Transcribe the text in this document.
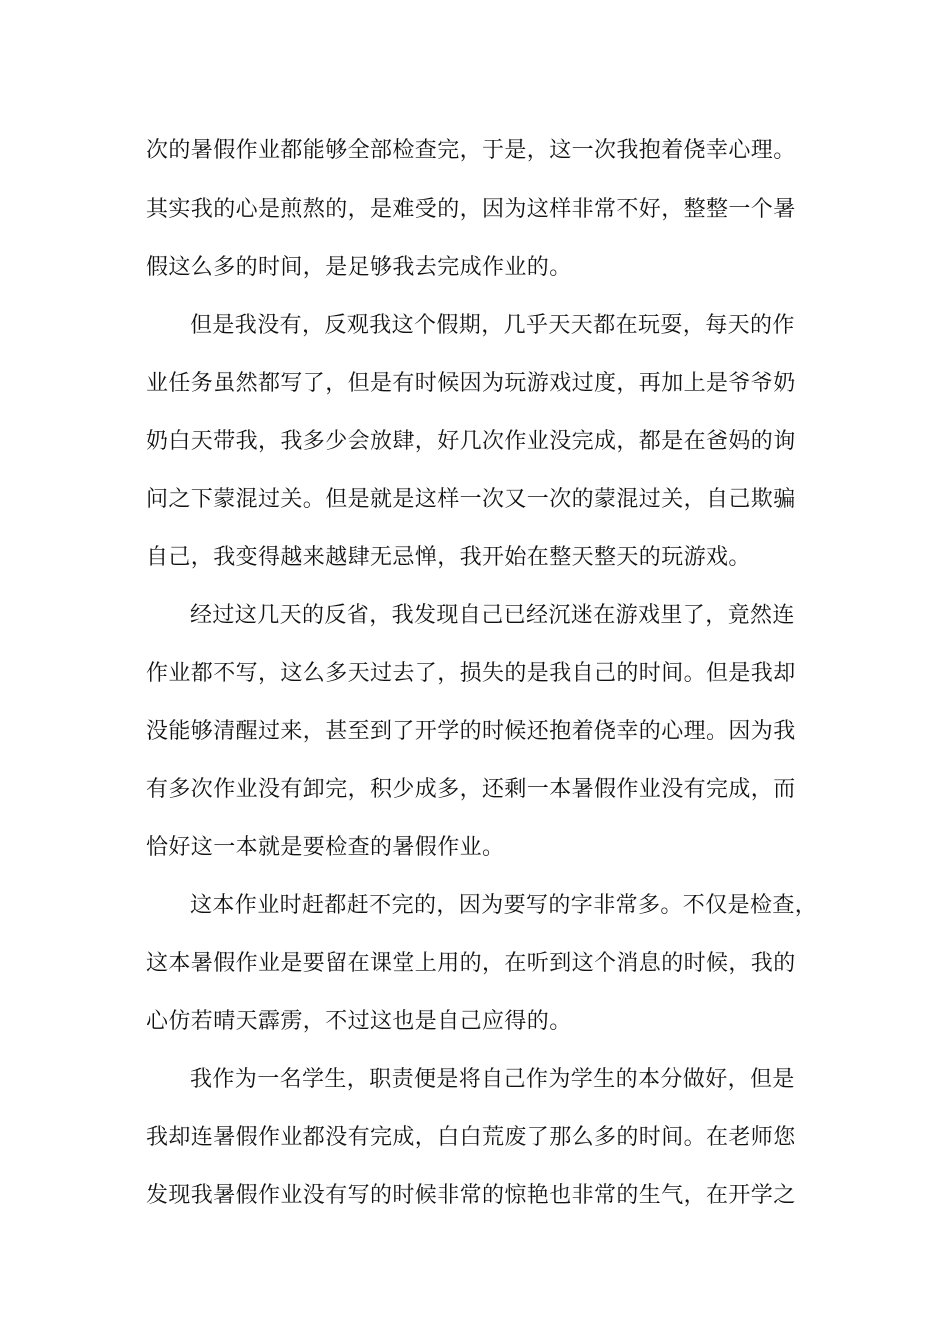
次的暑假作业都能够全部检查完，于是，这一次我抱着侥幸心理。
其实我的心是煎熬的，是难受的，因为这样非常不好，整整一个暑
假这么多的时间，是足够我去完成作业的。
但是我没有，反观我这个假期，几乎天天都在玩耍，每天的作
业任务虽然都写了，但是有时候因为玩游戏过度，再加上是爷爷奶
奶白天带我，我多少会放肆，好几次作业没完成，都是在爸妈的询
问之下蒙混过关。但是就是这样一次又一次的蒙混过关，自己欺骗
自己，我变得越来越肆无忌惮，我开始在整天整天的玩游戏。
经过这几天的反省，我发现自己已经沉迷在游戏里了，竟然连
作业都不写，这么多天过去了，损失的是我自己的时间。但是我却
没能够清醒过来，甚至到了开学的时候还抱着侥幸的心理。因为我
有多次作业没有卸完，积少成多，还剩一本暑假作业没有完成，而
恰好这一本就是要检查的暑假作业。
这本作业时赶都赶不完的，因为要写的字非常多。不仅是检查，
这本暑假作业是要留在课堂上用的，在听到这个消息的时候，我的
心仿若晴天霹雳，不过这也是自己应得的。
我作为一名学生，职责便是将自己作为学生的本分做好，但是
我却连暑假作业都没有完成，白白荒废了那么多的时间。在老师您
发现我暑假作业没有写的时候非常的惊艳也非常的生气，在开学之
